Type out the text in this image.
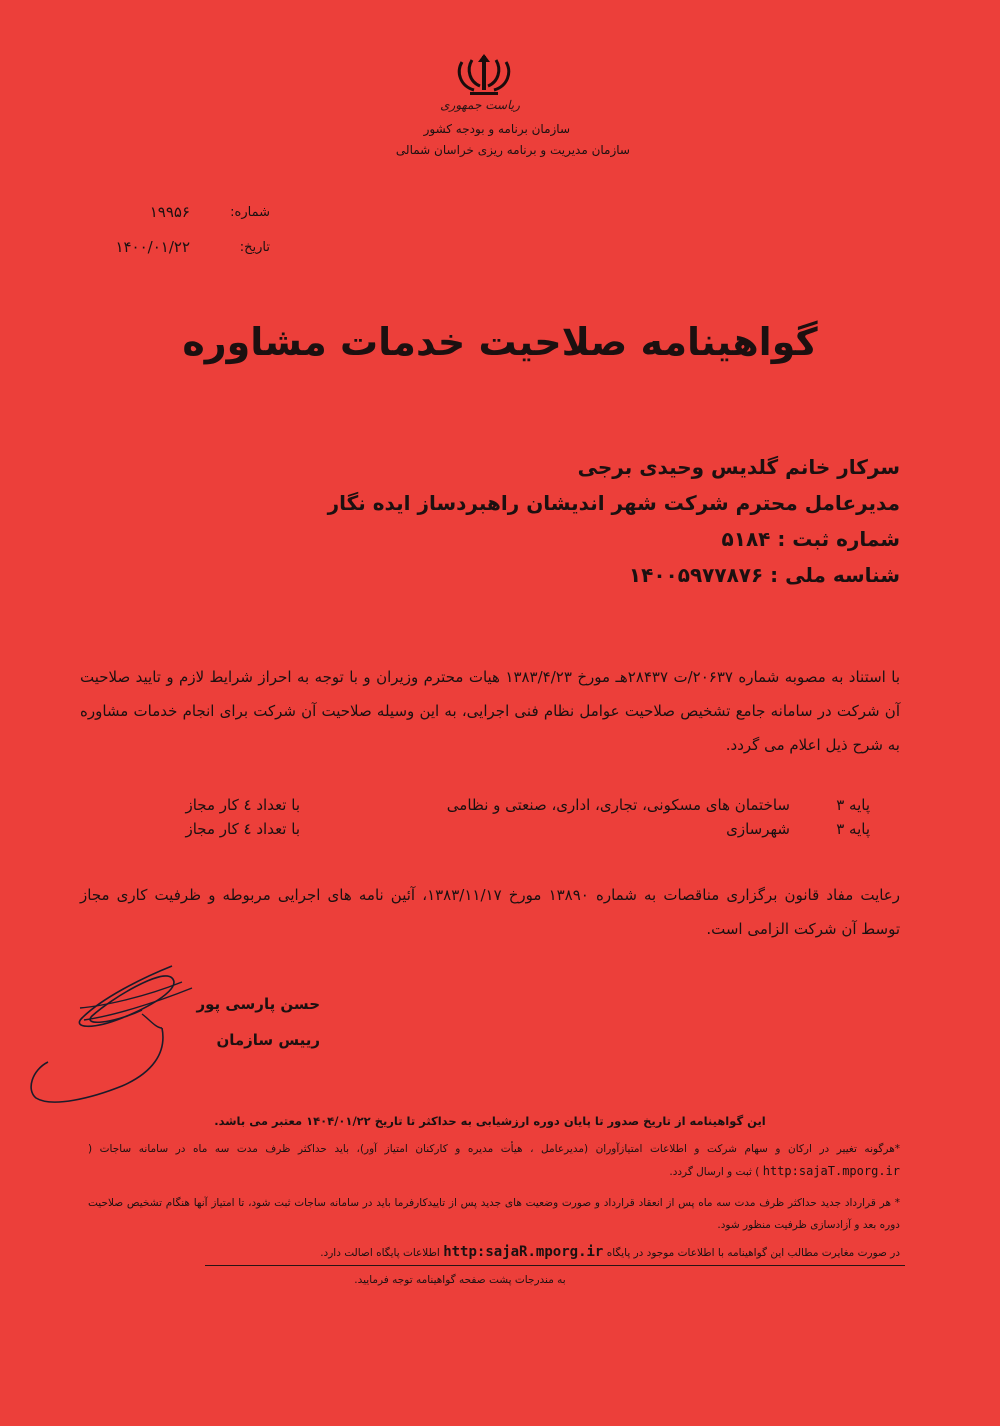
ریاست جمهوری
سازمان برنامه و بودجه کشور
سازمان مدیریت و برنامه ریزی خراسان شمالی
شماره:
۱۹۹۵۶
تاریخ:
۱۴۰۰/۰۱/۲۲
گواهینامه صلاحیت خدمات مشاوره
سرکار خانم گلدیس وحیدی برجی
مدیرعامل محترم شرکت شهر اندیشان راهبردساز ایده نگار
شماره ثبت : ۵۱۸۴
شناسه ملی : ۱۴۰۰۵۹۷۷۸۷۶
با استناد به مصوبه شماره ۲۰۶۳۷/ت ۲۸۴۳۷هـ مورخ ۱۳۸۳/۴/۲۳ هیات محترم وزیران و با توجه به احراز شرایط لازم و تایید صلاحیت آن شرکت در سامانه جامع تشخیص صلاحیت عوامل نظام فنی اجرایی، به این وسیله صلاحیت آن شرکت برای انجام خدمات مشاوره به شرح ذیل اعلام می گردد.
پایه ۳
ساختمان های مسکونی، تجاری، اداری، صنعتی و نظامی
با تعداد ٤ کار مجاز
پایه ۳
شهرسازی
با تعداد ٤ کار مجاز
رعایت مفاد قانون برگزاری مناقصات به شماره ۱۳۸۹۰ مورخ ۱۳۸۳/۱۱/۱۷، آئین نامه های اجرایی مربوطه و ظرفیت کاری مجاز توسط آن شرکت الزامی است.
حسن پارسی پور
رییس سازمان
این گواهینامه از تاریخ صدور تا پایان دوره ارزشیابی به حداکثر تا تاریخ ۱۴۰۴/۰۱/۲۲ معتبر می باشد.
*هرگونه تغییر در ارکان و سهام شرکت و اطلاعات امتیازآوران (مدیرعامل ، هیأت مدیره و کارکنان امتیاز آور)، باید حداکثر ظرف مدت سه ماه در سامانه ساجات ( http:sajaT.mporg.ir ) ثبت و ارسال گردد.
* هر قرارداد جدید حداکثر ظرف مدت سه ماه پس از انعقاد قرارداد و صورت وضعیت های جدید پس از تاییدکارفرما باید در سامانه ساجات ثبت شود، تا امتیاز آنها هنگام تشخیص صلاحیت دوره بعد و آزادسازی ظرفیت منظور شود.
در صورت مغایرت مطالب این گواهینامه با اطلاعات موجود در پایگاه http:sajaR.mporg.ir اطلاعات پایگاه اصالت دارد.
به مندرجات پشت صفحه گواهینامه توجه فرمایید.
